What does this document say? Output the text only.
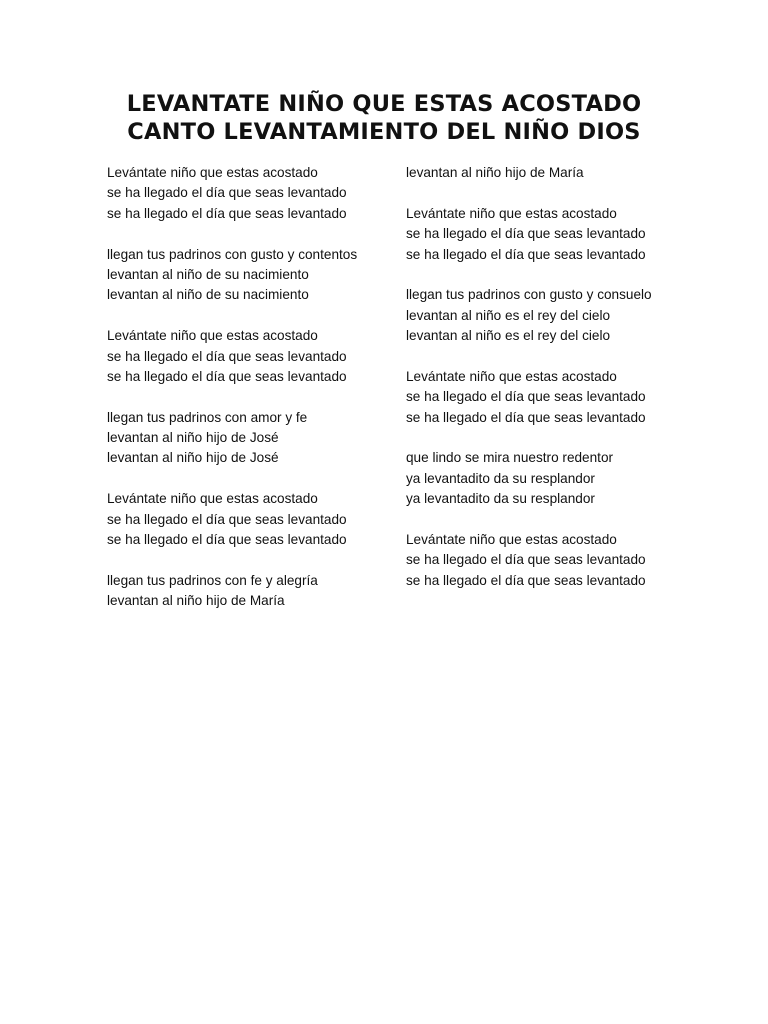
LEVANTATE NIÑO QUE ESTAS ACOSTADO
CANTO LEVANTAMIENTO DEL NIÑO DIOS
Levántate niño que estas acostado
se ha llegado el día que seas levantado
se ha llegado el día que seas levantado
llegan tus padrinos con gusto y contentos
levantan al niño de su nacimiento
levantan al niño de su nacimiento
Levántate niño que estas acostado
se ha llegado el día que seas levantado
se ha llegado el día que seas levantado
llegan tus padrinos con amor y fe
levantan al niño hijo de José
levantan al niño hijo de José
Levántate niño que estas acostado
se ha llegado el día que seas levantado
se ha llegado el día que seas levantado
llegan tus padrinos con fe y alegría
levantan al niño hijo de María
levantan al niño hijo de María
Levántate niño que estas acostado
se ha llegado el día que seas levantado
se ha llegado el día que seas levantado
llegan tus padrinos con gusto y consuelo
levantan al niño es el rey del cielo
levantan al niño es el rey del cielo
Levántate niño que estas acostado
se ha llegado el día que seas levantado
se ha llegado el día que seas levantado
que lindo se mira nuestro redentor
ya levantadito da su resplandor
ya levantadito da su resplandor
Levántate niño que estas acostado
se ha llegado el día que seas levantado
se ha llegado el día que seas levantado
